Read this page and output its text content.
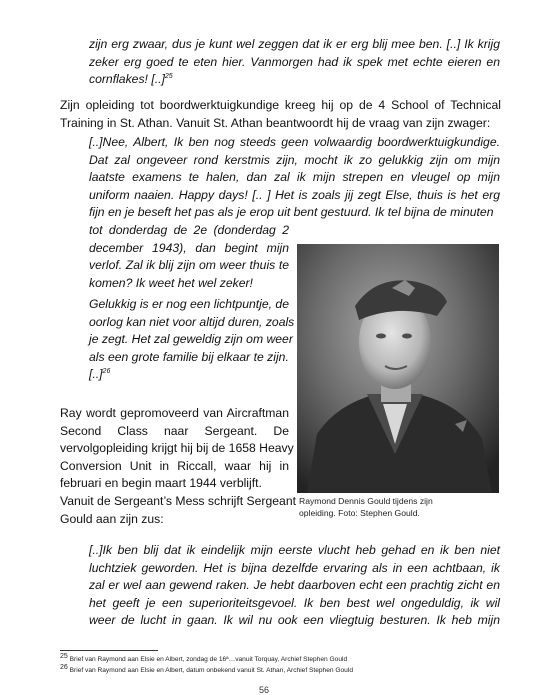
zijn erg zwaar, dus je kunt wel zeggen dat ik er erg blij mee ben. [..] Ik krijg
zeker erg goed te eten hier. Vanmorgen had ik spek met echte eieren en
cornflakes! [..]$^{25}$
Zijn opleiding tot boordwerktuigkundige kreeg hij op de 4 School of Technical
Training in St. Athan. Vanuit St. Athan beantwoordt hij de vraag van zijn zwager:
[..]Nee, Albert, Ik ben nog steeds geen volwaardig boordwerktuigkundige.
Dat zal ongeveer rond kerstmis zijn, mocht ik zo gelukkig zijn om mijn
laatste examens te halen, dan zal ik mijn strepen en vleugel op mijn
uniform naaien. Happy days! [.. ] Het is zoals jij zegt Else, thuis is het erg
fijn en je beseft het pas als je erop uit bent gestuurd. Ik tel bijna de minuten
tot donderdag de 2e (donderdag 2
december 1943), dan begint mijn
verlof. Zal ik blij zijn om weer thuis te
komen? Ik weet het wel zeker!
Gelukkig is er nog een lichtpuntje, de
oorlog kan niet voor altijd duren, zoals
je zegt. Het zal geweldig zijn om weer
als een grote familie bij elkaar te zijn.
[..]$^{26}$
Ray wordt gepromoveerd van Aircraftman
Second Class naar Sergeant. De
vervolgopleiding krijgt hij bij de 1658 Heavy
Conversion Unit in Riccall, waar hij in
februari en begin maart 1944 verblijft.
Vanuit de Sergeant’s Mess schrijft Sergeant
Gould aan zijn zus:

Raymond Dennis Gould tijdens zijn
opleiding. Foto: Stephen Gould.

[..]Ik ben blij dat ik eindelijk mijn eerste vlucht heb gehad en ik ben niet
luchtziek geworden. Het is bijna dezelfde ervaring als in een achtbaan, ik
zal er wel aan gewend raken. Je hebt daarboven echt een prachtig zicht en
het geeft je een superioriteitsgevoel. Ik ben best wel ongeduldig, ik wil
weer de lucht in gaan. Ik wil nu ook een vliegtuig besturen. Ik heb mijn

$^{25}$ Brief van Raymond aan Elsie en Albert, zondag de 16ª…vanuit Torquay, Archief Stephen Gould

$^{26}$ Brief van Raymond aan Elsie en Albert, datum onbekend vanuit St. Athan, Archief Stephen Gould

56
